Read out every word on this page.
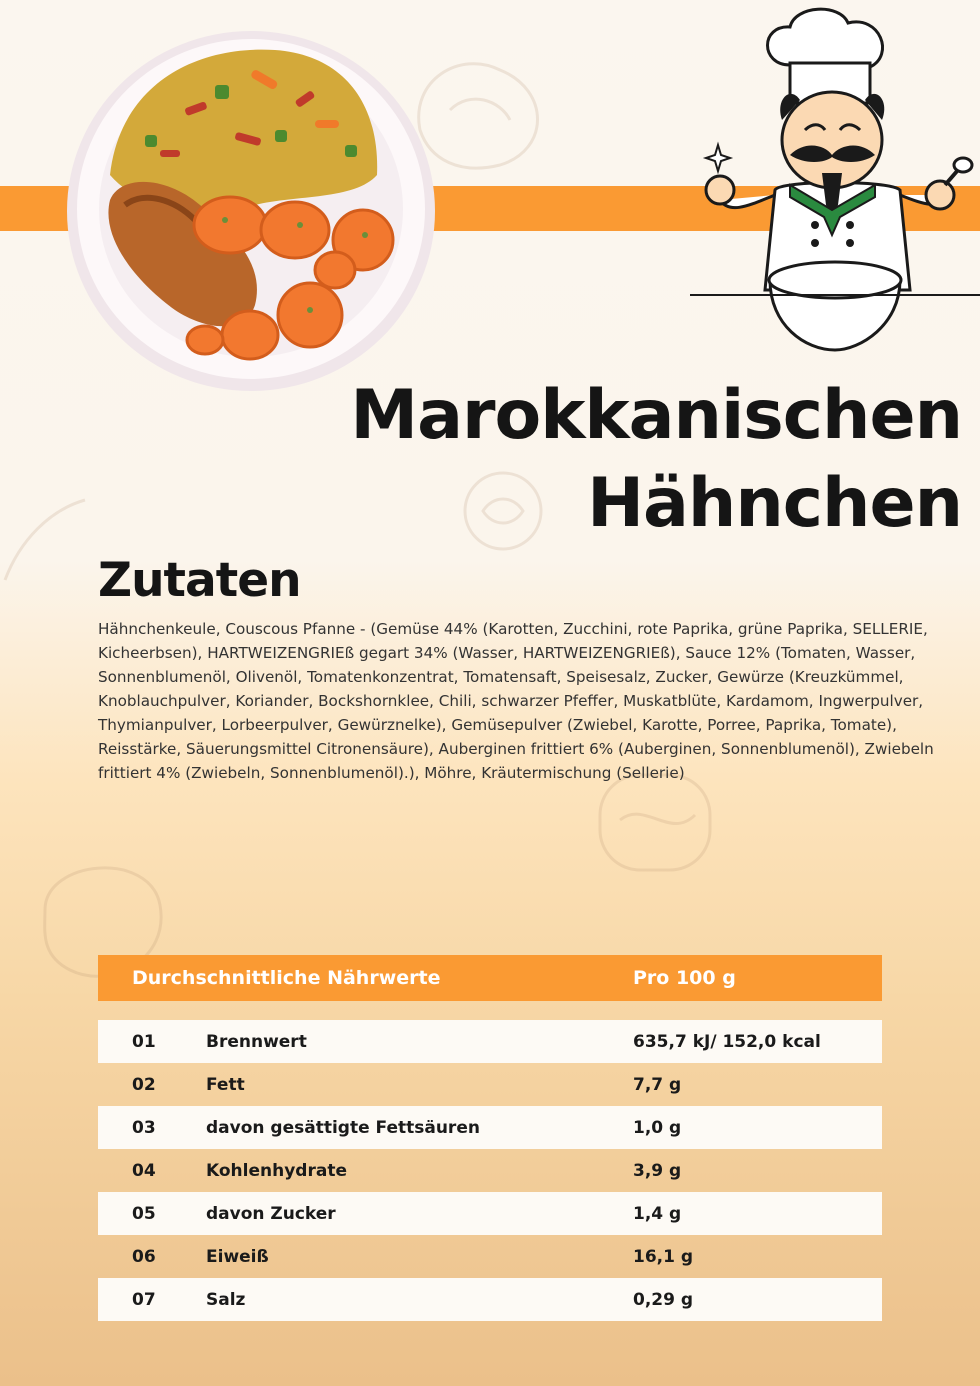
Marokkanischen
Hähnchen
Zutaten
Hähnchenkeule, Couscous Pfanne - (Gemüse 44% (Karotten, Zucchini, rote Paprika, grüne Paprika, SELLERIE, Kicheerbsen), HARTWEIZENGRIEß gegart 34% (Wasser, HARTWEIZENGRIEß), Sauce 12% (Tomaten, Wasser, Sonnenblumenöl, Olivenöl, Tomatenkonzentrat, Tomatensaft, Speisesalz, Zucker, Gewürze (Kreuzkümmel, Knoblauchpulver, Koriander, Bockshornklee, Chili, schwarzer Pfeffer, Muskatblüte, Kardamom, Ingwerpulver, Thymianpulver, Lorbeerpulver, Gewürznelke), Gemüsepulver (Zwiebel, Karotte, Porree, Paprika, Tomate), Reisstärke, Säuerungsmittel Citronensäure), Auberginen frittiert 6% (Auberginen, Sonnenblumenöl), Zwiebeln frittiert 4% (Zwiebeln, Sonnenblumenöl).), Möhre, Kräutermischung (Sellerie)
Durchschnittliche Nährwerte	Pro 100 g
01	Brennwert	635,7 kJ/ 152,0 kcal
02	Fett	7,7 g
03	davon gesättigte Fettsäuren	1,0 g
04	Kohlenhydrate	3,9 g
05	davon Zucker	1,4 g
06	Eiweiß	16,1 g
07	Salz	0,29 g
